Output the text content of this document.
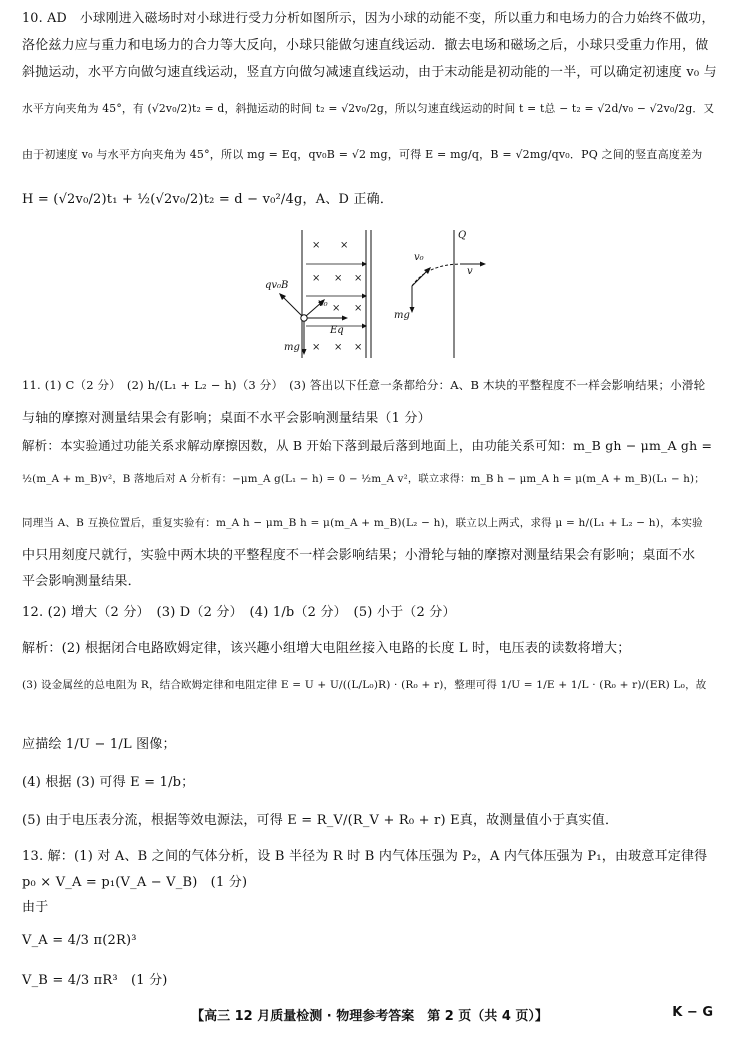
10. AD　小球刚进入磁场时对小球进行受力分析如图所示，因为小球的动能不变，所以重力和电场力的合力始终不做功，
洛伦兹力应与重力和电场力的合力等大反向，小球只能做匀速直线运动．撤去电场和磁场之后，小球只受重力作用，做
斜抛运动，水平方向做匀速直线运动，竖直方向做匀减速直线运动，由于末动能是初动能的一半，可以确定初速度 v₀ 与
水平方向夹角为 45°，有 (√2v₀/2)t₂ = d，斜抛运动的时间 t₂ = √2v₀/2g，所以匀速直线运动的时间 t = t总 − t₂ = √2d/v₀ − √2v₀/2g．又
由于初速度 v₀ 与水平方向夹角为 45°，所以 mg = Eq，qv₀B = √2 mg，可得 E = mg/q，B = √2mg/qv₀．PQ 之间的竖直高度差为
H = (√2v₀/2)t₁ + ½(√2v₀/2)t₂ = d − v₀²/4g，A、D 正确．
× ×
× × ×
× ×
× × ×
qv₀B
v₀
Eq
mg
Q
mg
v₀
v
11. (1) C（2 分）　(2) h/(L₁ + L₂ − h)（3 分）　(3) 答出以下任意一条都给分：A、B 木块的平整程度不一样会影响结果；小滑轮
与轴的摩擦对测量结果会有影响；桌面不水平会影响测量结果（1 分）
解析：本实验通过功能关系求解动摩擦因数，从 B 开始下落到最后落到地面上，由功能关系可知：m_B gh − μm_A gh =
½(m_A + m_B)v²，B 落地后对 A 分析有：−μm_A g(L₁ − h) = 0 − ½m_A v²，联立求得：m_B h − μm_A h = μ(m_A + m_B)(L₁ − h)；
同理当 A、B 互换位置后，重复实验有：m_A h − μm_B h = μ(m_A + m_B)(L₂ − h)，联立以上两式，求得 μ = h/(L₁ + L₂ − h)，本实验
中只用刻度尺就行，实验中两木块的平整程度不一样会影响结果；小滑轮与轴的摩擦对测量结果会有影响；桌面不水
平会影响测量结果．
12. (2) 增大（2 分）　(3) D（2 分）　(4) 1/b（2 分）　(5) 小于（2 分）
解析：(2) 根据闭合电路欧姆定律，该兴趣小组增大电阻丝接入电路的长度 L 时，电压表的读数将增大；
(3) 设金属丝的总电阻为 R，结合欧姆定律和电阻定律 E = U + U/((L/L₀)R) · (R₀ + r)，整理可得 1/U = 1/E + 1/L · (R₀ + r)/(ER) L₀，故
应描绘 1/U − 1/L 图像；
(4) 根据 (3) 可得 E = 1/b；
(5) 由于电压表分流，根据等效电源法，可得 E = R_V/(R_V + R₀ + r) E真，故测量值小于真实值．
13. 解：(1) 对 A、B 之间的气体分析，设 B 半径为 R 时 B 内气体压强为 P₂，A 内气体压强为 P₁，由玻意耳定律得
p₀ × V_A = p₁(V_A − V_B)　(1 分)
由于
V_A = 4/3 π(2R)³
V_B = 4/3 πR³　(1 分)
【高三 12 月质量检测 · 物理参考答案　第 2 页（共 4 页）】	K − G
